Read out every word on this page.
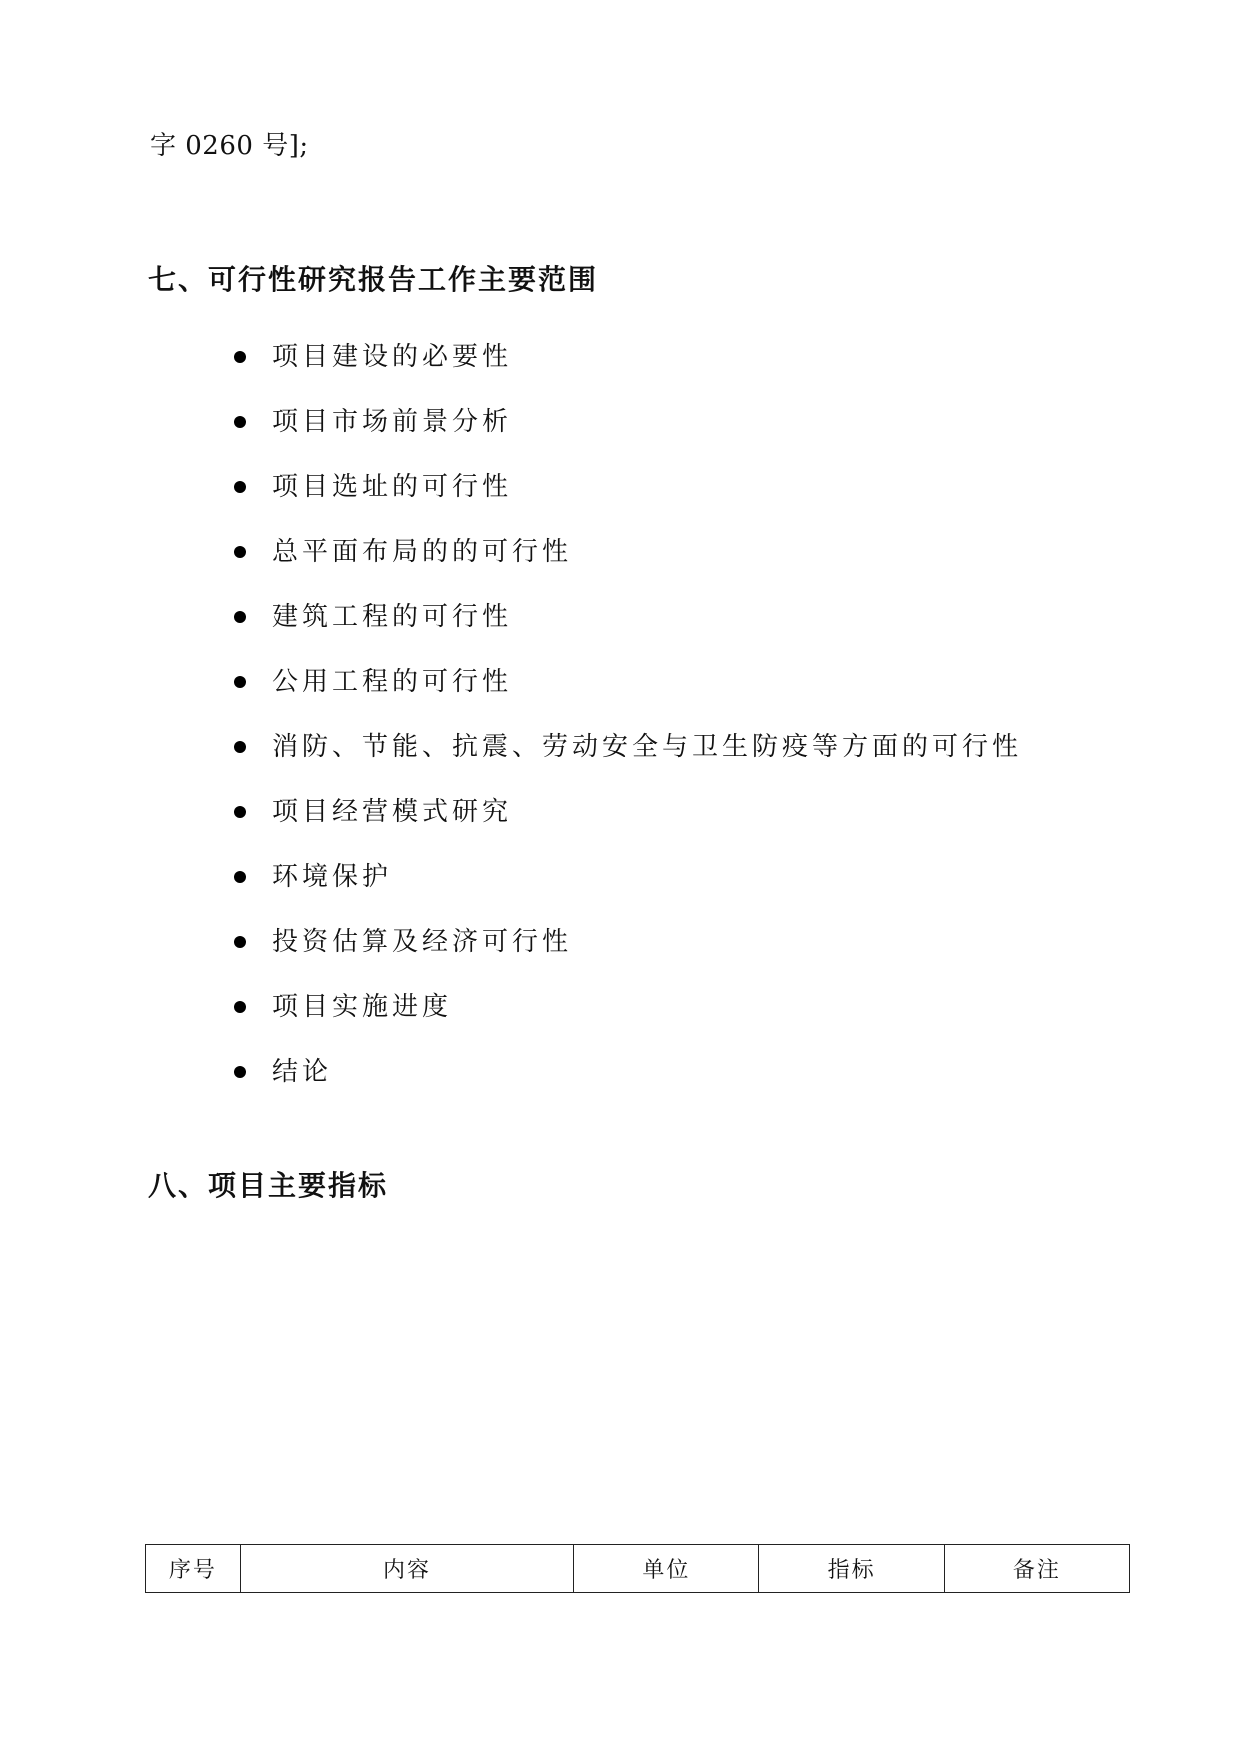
字 0260 号];
七、可行性研究报告工作主要范围
项目建设的必要性
项目市场前景分析
项目选址的可行性
总平面布局的的可行性
建筑工程的可行性
公用工程的可行性
消防、节能、抗震、劳动安全与卫生防疫等方面的可行性
项目经营模式研究
环境保护
投资估算及经济可行性
项目实施进度
结论
八、项目主要指标
序号	内容	单位	指标	备注
